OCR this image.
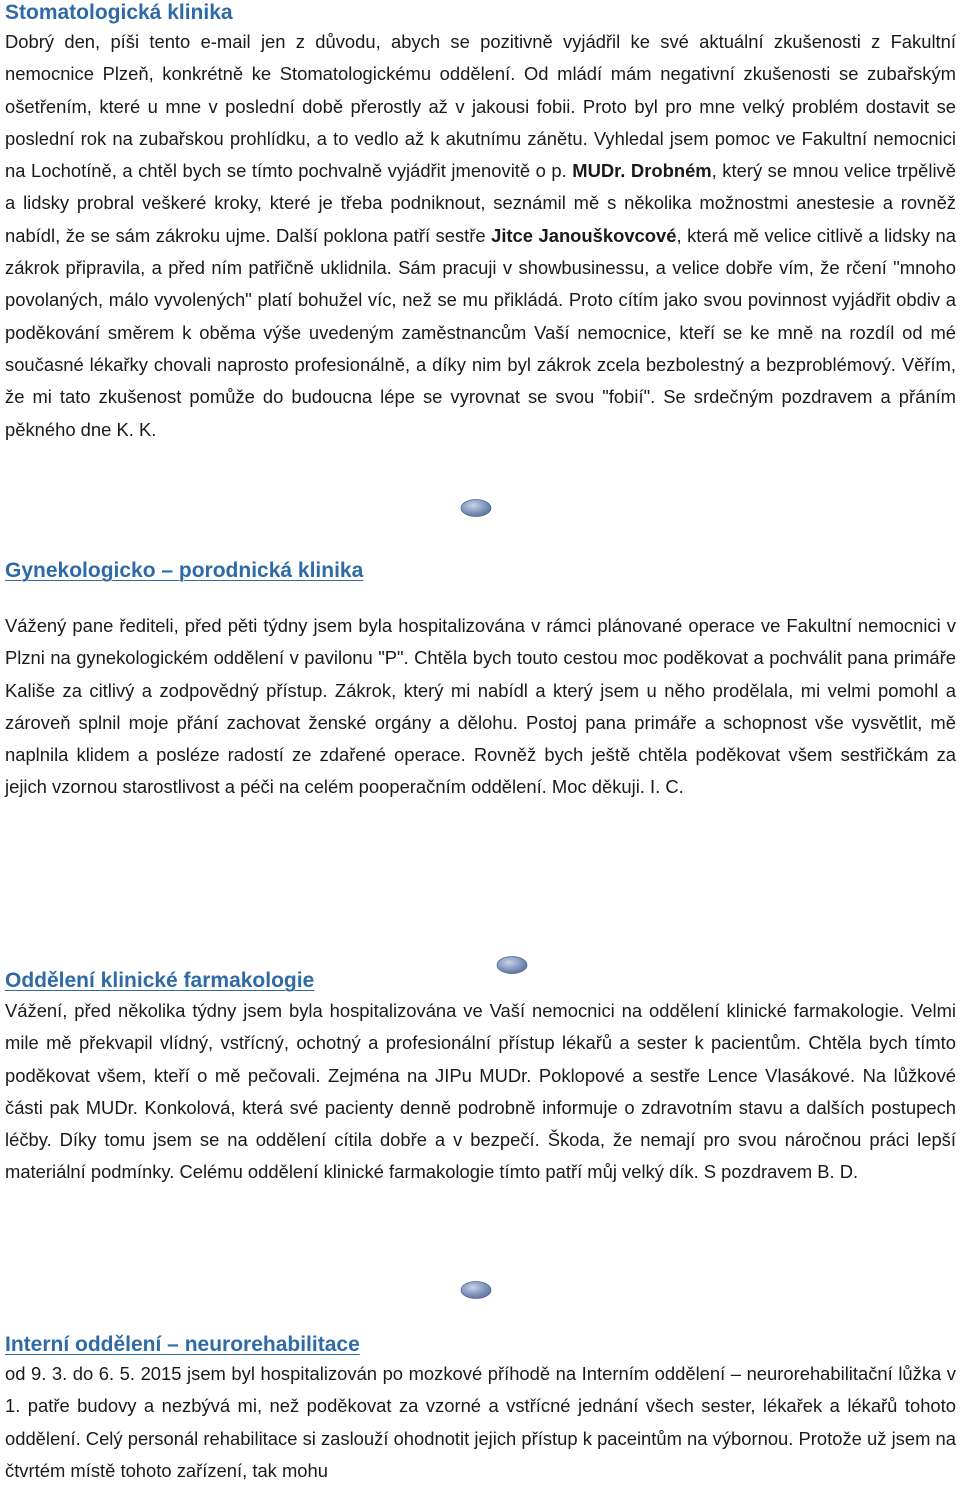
Stomatologická klinika

Dobrý den, píši tento e-mail jen z důvodu, abych se pozitivně vyjádřil ke své aktuální zkušenosti z Fakultní nemocnice Plzeň, konkrétně ke Stomatologickému oddělení. Od mládí mám negativní zkušenosti se zubařským ošetřením, které u mne v poslední době přerostly až v jakousi fobii. Proto byl pro mne velký problém dostavit se poslední rok na zubařskou prohlídku, a to vedlo až k akutnímu zánětu. Vyhledal jsem pomoc ve Fakultní nemocnici na Lochotíně, a chtěl bych se tímto pochvalně vyjádřit jmenovitě o p. MUDr. Drobném, který se mnou velice trpělivě a lidsky probral veškeré kroky, které je třeba podniknout, seznámil mě s několika možnostmi anestesie a rovněž nabídl, že se sám zákroku ujme. Další poklona patří sestře Jitce Janouškovcové, která mě velice citlivě a lidsky na zákrok připravila, a před ním patřičně uklidnila. Sám pracuji v showbusinessu, a velice dobře vím, že rčení "mnoho povolaných, málo vyvolených" platí bohužel víc, než se mu přikládá. Proto cítím jako svou povinnost vyjádřit obdiv a poděkování směrem k oběma výše uvedeným zaměstnancům Vaší nemocnice, kteří se ke mně na rozdíl od mé současné lékařky chovali naprosto profesionálně, a díky nim byl zákrok zcela bezbolestný a bezproblémový. Věřím, že mi tato zkušenost pomůže do budoucna lépe se vyrovnat se svou "fobií". Se srdečným pozdravem a přáním pěkného dne K. K.

Gynekologicko – porodnická klinika

Vážený pane řediteli, před pěti týdny jsem byla hospitalizována v rámci plánované operace ve Fakultní nemocnici v Plzni na gynekologickém oddělení v pavilonu "P". Chtěla bych touto cestou moc poděkovat a pochválit pana primáře Kališe za citlivý a zodpovědný přístup. Zákrok, který mi nabídl a který jsem u něho prodělala, mi velmi pomohl a zároveň splnil moje přání zachovat ženské orgány a dělohu. Postoj pana primáře a schopnost vše vysvětlit, mě naplnila klidem a posléze radostí ze zdařené operace. Rovněž bych ještě chtěla poděkovat všem sestřičkám za jejich vzornou starostlivost a péči na celém pooperačním oddělení. Moc děkuji. I. C.

Oddělení klinické farmakologie

Vážení, před několika týdny jsem byla hospitalizována ve Vaší nemocnici na oddělení klinické farmakologie. Velmi mile mě překvapil vlídný, vstřícný, ochotný a profesionální přístup lékařů a sester k pacientům. Chtěla bych tímto poděkovat všem, kteří o mě pečovali. Zejména na JIPu MUDr. Poklopové a sestře Lence Vlasákové. Na lůžkové části pak MUDr. Konkolová, která své pacienty denně podrobně informuje o zdravotním stavu a dalších postupech léčby. Díky tomu jsem se na oddělení cítila dobře a v bezpečí. Škoda, že nemají pro svou náročnou práci lepší materiální podmínky. Celému oddělení klinické farmakologie tímto patří můj velký dík. S pozdravem B. D.

Interní oddělení – neurorehabilitace

od 9. 3. do 6. 5. 2015 jsem byl hospitalizován po mozkové příhodě na Interním oddělení – neurorehabilitační lůžka v 1. patře budovy a nezbývá mi, než poděkovat za vzorné a vstřícné jednání všech sester, lékařek a lékařů tohoto oddělení. Celý personál rehabilitace si zaslouží ohodnotit jejich přístup k paceintům na výbornou. Protože už jsem na čtvrtém místě tohoto zařízení, tak mohu
